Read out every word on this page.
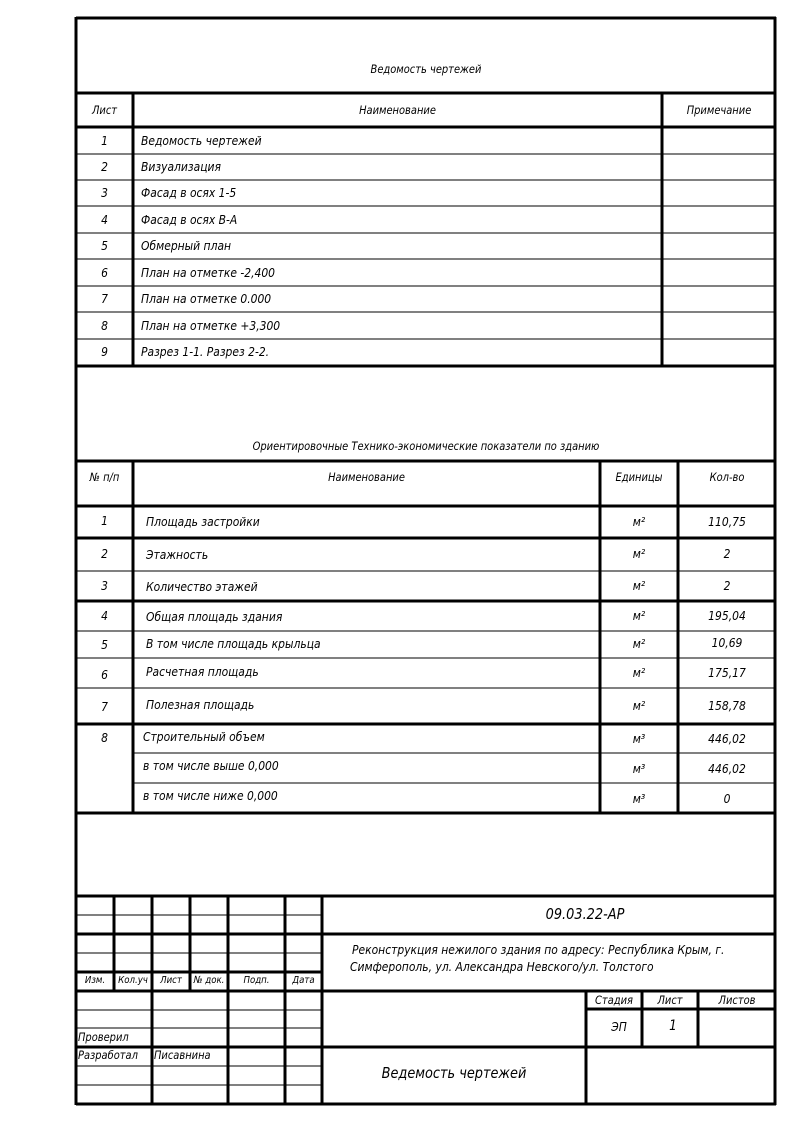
Ведомость чертежей
Лист	Наименование	Примечание
1	Ведомость чертежей
2	Визуализация
3	Фасад в осях 1-5
4	Фасад в осях В-А
5	Обмерный план
6	План на отметке -2,400
7	План на отметке 0.000
8	План на отметке +3,300
9	Разрез 1-1. Разрез 2-2.
Ориентировочные Технико-экономические показатели по зданию
№ п/п	Наименование	Единицы	Кол-во
1	Площадь застройки	м²	110,75
2	Этажность	м²	2
3	Количество этажей	м²	2
4	Общая площадь здания	м²	195,04
5	В том числе площадь крыльца	м²	10,69
6	Расчетная площадь	м²	175,17
7	Полезная площадь	м²	158,78
8	Строительный объем	м³	446,02
в том числе выше 0,000	м³	446,02
в том числе ниже 0,000	м³	0
09.03.22-АР
Реконструкция нежилого здания по адресу: Республика Крым, г.
Симферополь, ул. Александра Невского/ул. Толстого
Изм.	Кол.уч	Лист	№ док.	Подп.	Дата
Проверил
Разработал Писавнина
Стадия	Лист	Листов
ЭП	1
Ведемость чертежей
